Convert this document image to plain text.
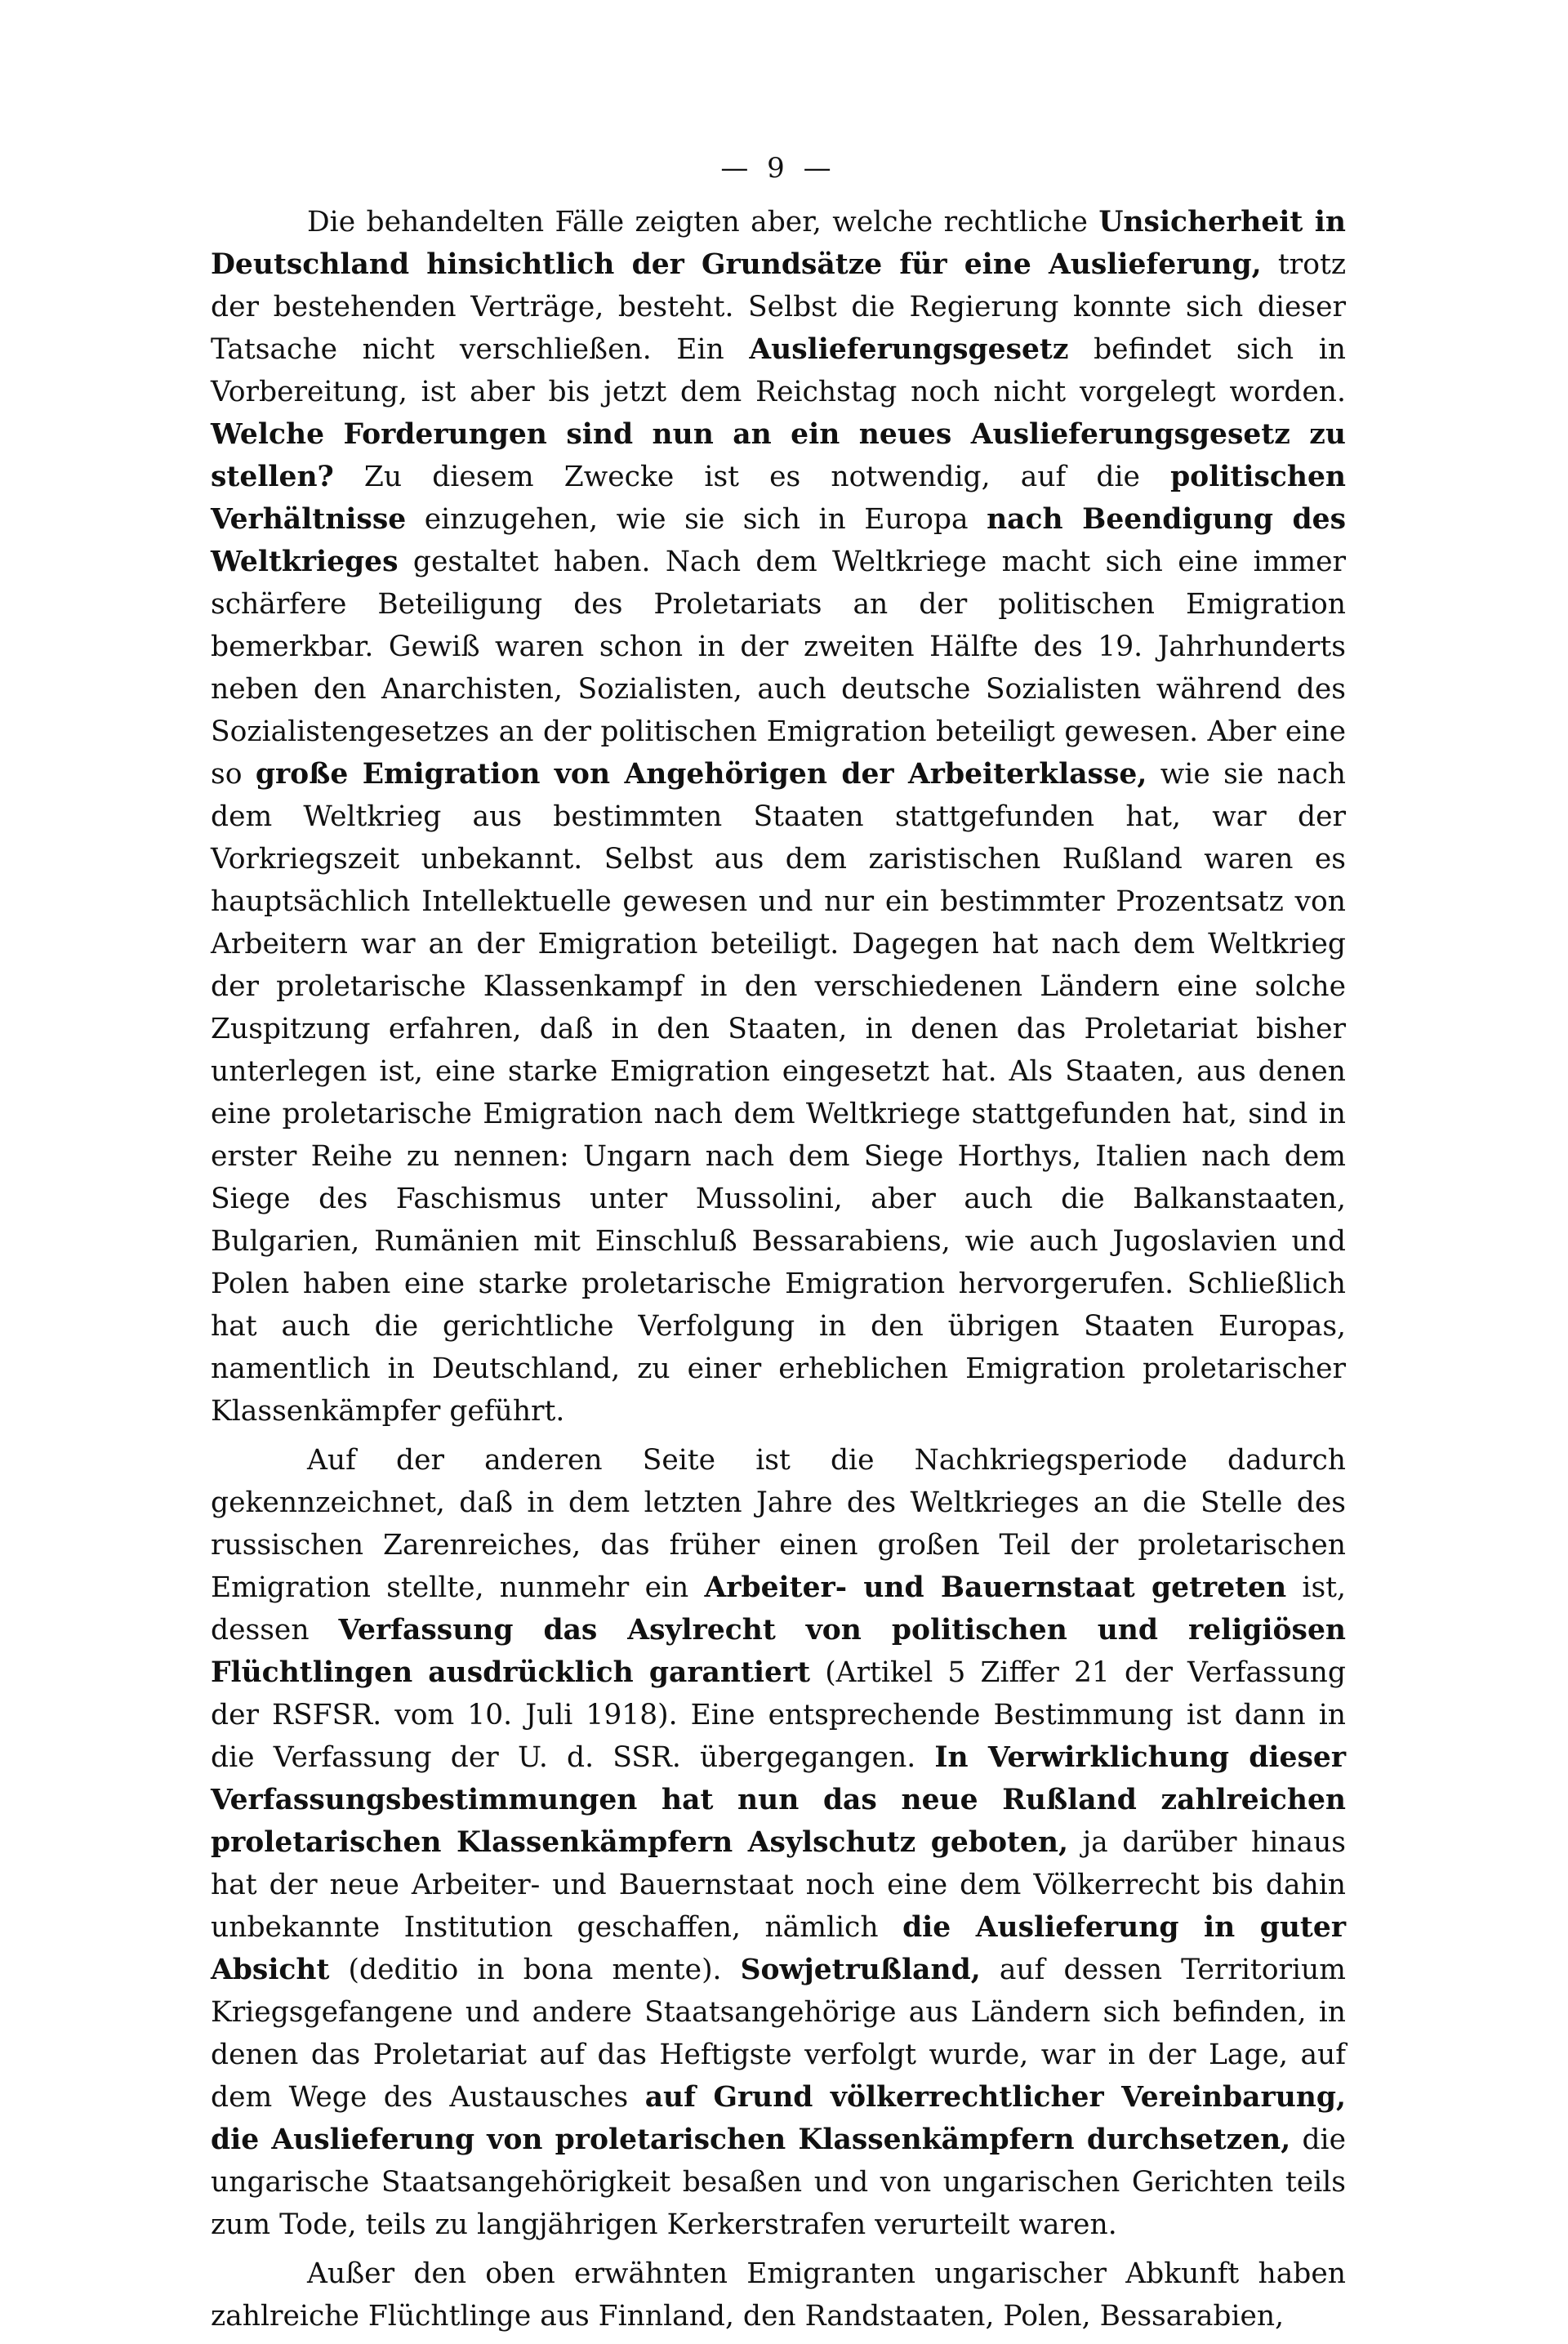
— 9 —

Die behandelten Fälle zeigten aber, welche rechtliche Unsicherheit in Deutschland hinsichtlich der Grundsätze für eine Auslieferung, trotz der bestehenden Verträge, besteht. Selbst die Regierung konnte sich dieser Tatsache nicht verschließen. Ein Auslieferungsgesetz befindet sich in Vorbereitung, ist aber bis jetzt dem Reichstag noch nicht vorgelegt worden. Welche Forderungen sind nun an ein neues Auslieferungsgesetz zu stellen? Zu diesem Zwecke ist es notwendig, auf die politischen Verhältnisse einzugehen, wie sie sich in Europa nach Beendigung des Weltkrieges gestaltet haben. Nach dem Weltkriege macht sich eine immer schärfere Beteiligung des Proletariats an der politischen Emigration bemerkbar. Gewiß waren schon in der zweiten Hälfte des 19. Jahrhunderts neben den Anarchisten, Sozialisten, auch deutsche Sozialisten während des Sozialistengesetzes an der politischen Emigration beteiligt gewesen. Aber eine so große Emigration von Angehörigen der Arbeiterklasse, wie sie nach dem Weltkrieg aus bestimmten Staaten stattgefunden hat, war der Vorkriegszeit unbekannt. Selbst aus dem zaristischen Rußland waren es hauptsächlich Intellektuelle gewesen und nur ein bestimmter Prozentsatz von Arbeitern war an der Emigration beteiligt. Dagegen hat nach dem Weltkrieg der proletarische Klassenkampf in den verschiedenen Ländern eine solche Zuspitzung erfahren, daß in den Staaten, in denen das Proletariat bisher unterlegen ist, eine starke Emigration eingesetzt hat. Als Staaten, aus denen eine proletarische Emigration nach dem Weltkriege stattgefunden hat, sind in erster Reihe zu nennen: Ungarn nach dem Siege Horthys, Italien nach dem Siege des Faschismus unter Mussolini, aber auch die Balkanstaaten, Bulgarien, Rumänien mit Einschluß Bessarabiens, wie auch Jugoslavien und Polen haben eine starke proletarische Emigration hervorgerufen. Schließlich hat auch die gerichtliche Verfolgung in den übrigen Staaten Europas, namentlich in Deutschland, zu einer erheblichen Emigration proletarischer Klassenkämpfer geführt.

Auf der anderen Seite ist die Nachkriegsperiode dadurch gekennzeichnet, daß in dem letzten Jahre des Weltkrieges an die Stelle des russischen Zarenreiches, das früher einen großen Teil der proletarischen Emigration stellte, nunmehr ein Arbeiter- und Bauernstaat getreten ist, dessen Verfassung das Asylrecht von politischen und religiösen Flüchtlingen ausdrücklich garantiert (Artikel 5 Ziffer 21 der Verfassung der RSFSR. vom 10. Juli 1918). Eine entsprechende Bestimmung ist dann in die Verfassung der U. d. SSR. übergegangen. In Verwirklichung dieser Verfassungsbestimmungen hat nun das neue Rußland zahlreichen proletarischen Klassenkämpfern Asylschutz geboten, ja darüber hinaus hat der neue Arbeiter- und Bauernstaat noch eine dem Völkerrecht bis dahin unbekannte Institution geschaffen, nämlich die Auslieferung in guter Absicht (deditio in bona mente). Sowjetrußland, auf dessen Territorium Kriegsgefangene und andere Staatsangehörige aus Ländern sich befinden, in denen das Proletariat auf das Heftigste verfolgt wurde, war in der Lage, auf dem Wege des Austausches auf Grund völkerrechtlicher Vereinbarung, die Auslieferung von proletarischen Klassenkämpfern durchsetzen, die ungarische Staatsangehörigkeit besaßen und von ungarischen Gerichten teils zum Tode, teils zu langjährigen Kerkerstrafen verurteilt waren.

Außer den oben erwähnten Emigranten ungarischer Abkunft haben zahlreiche Flüchtlinge aus Finnland, den Randstaaten, Polen, Bessarabien,
